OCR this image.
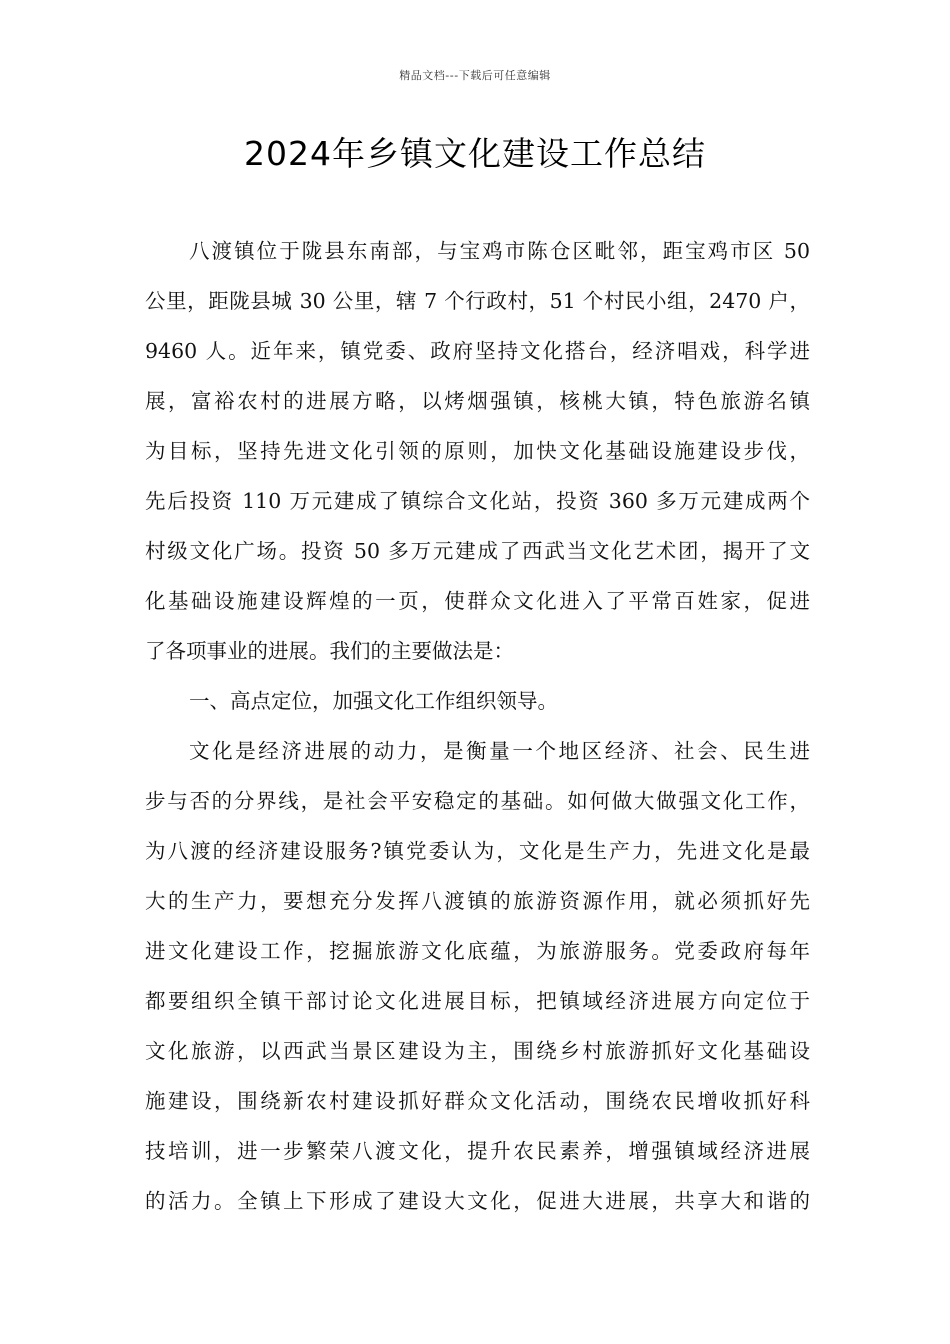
精品文档---下载后可任意编辑
2024年乡镇文化建设工作总结
八渡镇位于陇县东南部，与宝鸡市陈仓区毗邻，距宝鸡市区 50
公里，距陇县城 30 公里，辖 7 个行政村，51 个村民小组，2470 户，
9460 人。近年来，镇党委、政府坚持文化搭台，经济唱戏，科学进
展，富裕农村的进展方略，以烤烟强镇，核桃大镇，特色旅游名镇
为目标，坚持先进文化引领的原则，加快文化基础设施建设步伐，
先后投资 110 万元建成了镇综合文化站，投资 360 多万元建成两个
村级文化广场。投资 50 多万元建成了西武当文化艺术团，揭开了文
化基础设施建设辉煌的一页，使群众文化进入了平常百姓家，促进
了各项事业的进展。我们的主要做法是：
一、高点定位，加强文化工作组织领导。
文化是经济进展的动力，是衡量一个地区经济、社会、民生进
步与否的分界线，是社会平安稳定的基础。如何做大做强文化工作，
为八渡的经济建设服务?镇党委认为，文化是生产力，先进文化是最
大的生产力，要想充分发挥八渡镇的旅游资源作用，就必须抓好先
进文化建设工作，挖掘旅游文化底蕴，为旅游服务。党委政府每年
都要组织全镇干部讨论文化进展目标，把镇域经济进展方向定位于
文化旅游，以西武当景区建设为主，围绕乡村旅游抓好文化基础设
施建设，围绕新农村建设抓好群众文化活动，围绕农民增收抓好科
技培训，进一步繁荣八渡文化，提升农民素养，增强镇域经济进展
的活力。全镇上下形成了建设大文化，促进大进展，共享大和谐的
